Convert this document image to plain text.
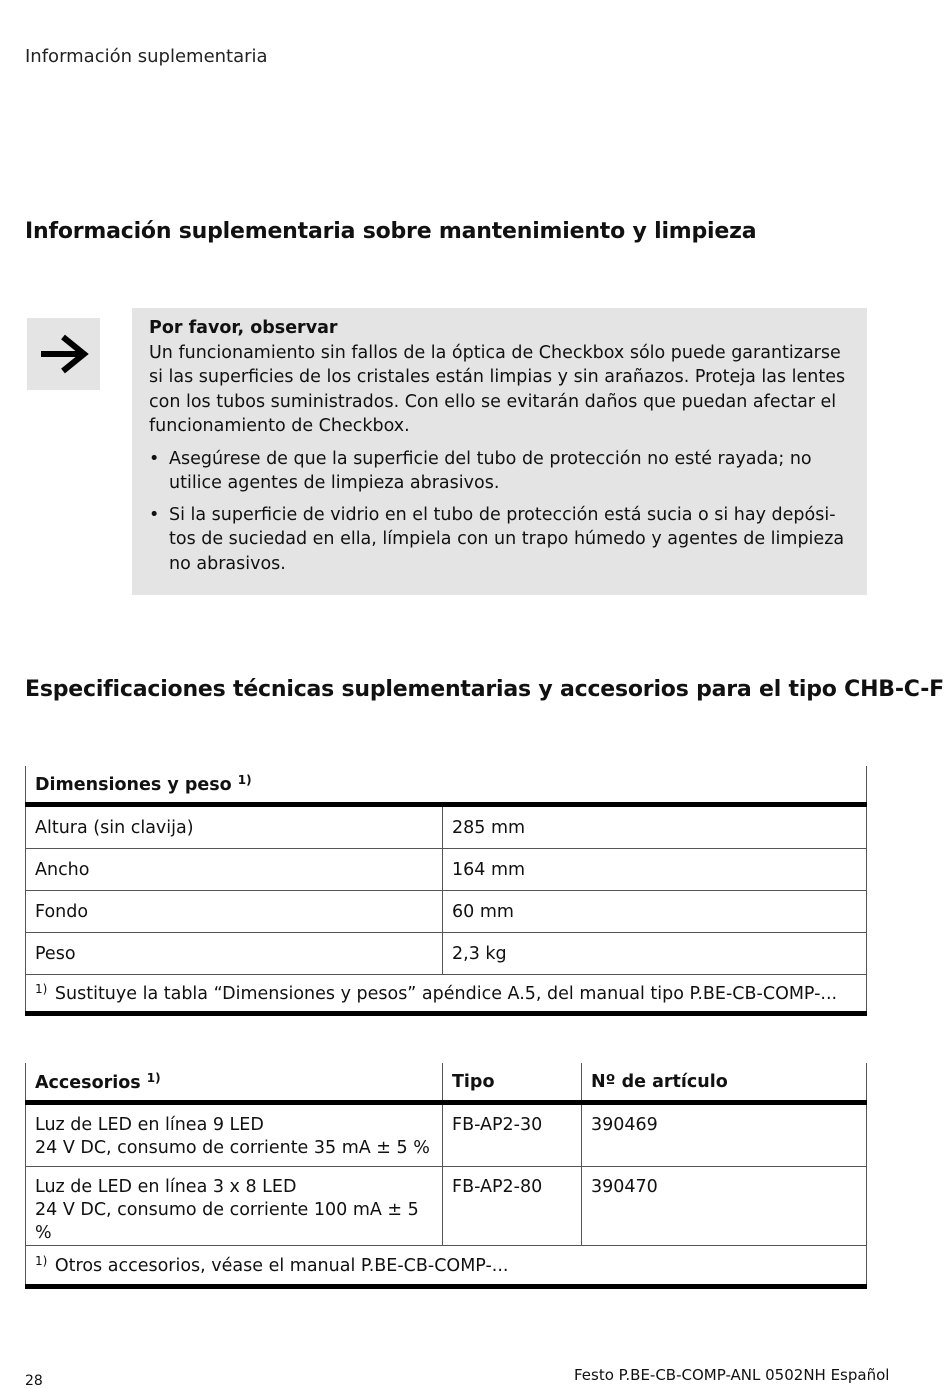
Información suplementaria
Información suplementaria sobre mantenimiento y limpieza
Por favor, observar
Un funcionamiento sin fallos de la óptica de Checkbox sólo puede garantizarse si las superficies de los cristales están limpias y sin arañazos. Proteja las lentes con los tubos suministrados. Con ello se evitarán daños que puedan afectar el funcionamiento de Checkbox.
• Asegúrese de que la superficie del tubo de protección no esté rayada; no utilice agentes de limpieza abrasivos.
• Si la superficie de vidrio en el tubo de protección está sucia o si hay depósi-tos de suciedad en ella, límpiela con un trapo húmedo y agentes de limpieza no abrasivos.
Especificaciones técnicas suplementarias y accesorios para el tipo CHB-C-F
Dimensiones y peso $^{1)}$
Altura (sin clavija)	285 mm
Ancho	164 mm
Fondo	60 mm
Peso	2,3 kg
$^{1)}$ Sustituye la tabla “Dimensiones y pesos” apéndice A.5, del manual tipo P.BE-CB-COMP-...	
Accesorios $^{1)}$	Tipo	Nº de artículo

Luz de LED en línea 9 LED
24 V DC, consumo de corriente 35 mA ± 5 %	FB-AP2-30	390469

Luz de LED en línea 3 x 8 LED
24 V DC, consumo de corriente 100 mA ± 5 %	FB-AP2-80	390470
$^{1)}$ Otros accesorios, véase el manual P.BE-CB-COMP-...		
28	Festo P.BE-CB-COMP-ANL 0502NH Español
